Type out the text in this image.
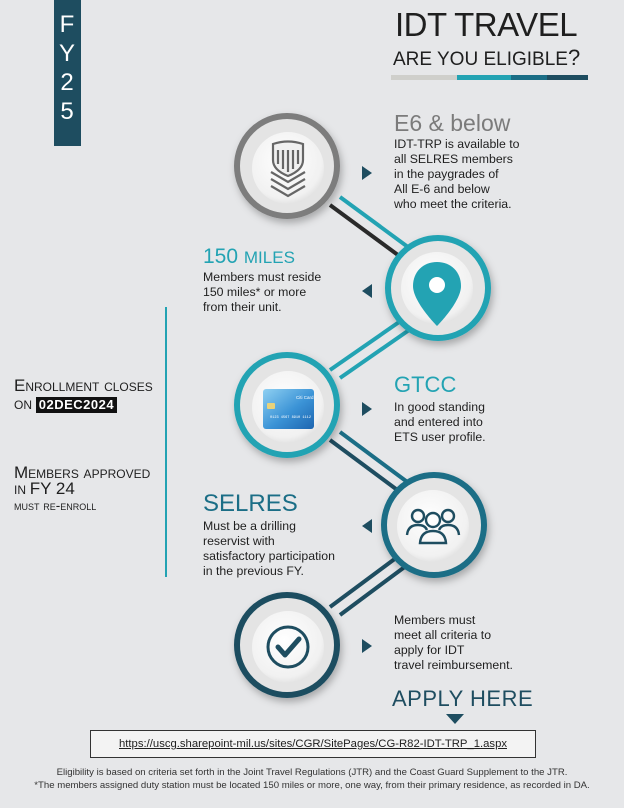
F
Y
2
5
IDT TRAVEL
ARE YOU ELIGIBLE?
Citi Card
0123 4567 8910 1112
E6 & below
IDT-TRP is available to
all SELRES members
in the paygrades of
All E-6 and below
who meet the criteria.
150 MILES
Members must reside
150 miles* or more
from their unit.
GTCC
In good standing
and entered into
ETS user profile.
SELRES
Must be a drilling
reservist with
satisfactory participation
in the previous FY.
Members must
meet all criteria to
apply for IDT
travel reimbursement.
Enrollment closes
on 02DEC2024
Members approved
in FY 24
must re-enroll
APPLY HERE
https://uscg.sharepoint-mil.us/sites/CGR/SitePages/CG-R82-IDT-TRP_1.aspx
Eligibility is based on criteria set forth in the Joint Travel Regulations (JTR) and the Coast Guard Supplement to the JTR.
*The members assigned duty station must be located 150 miles or more, one way, from their primary residence, as recorded in DA.
